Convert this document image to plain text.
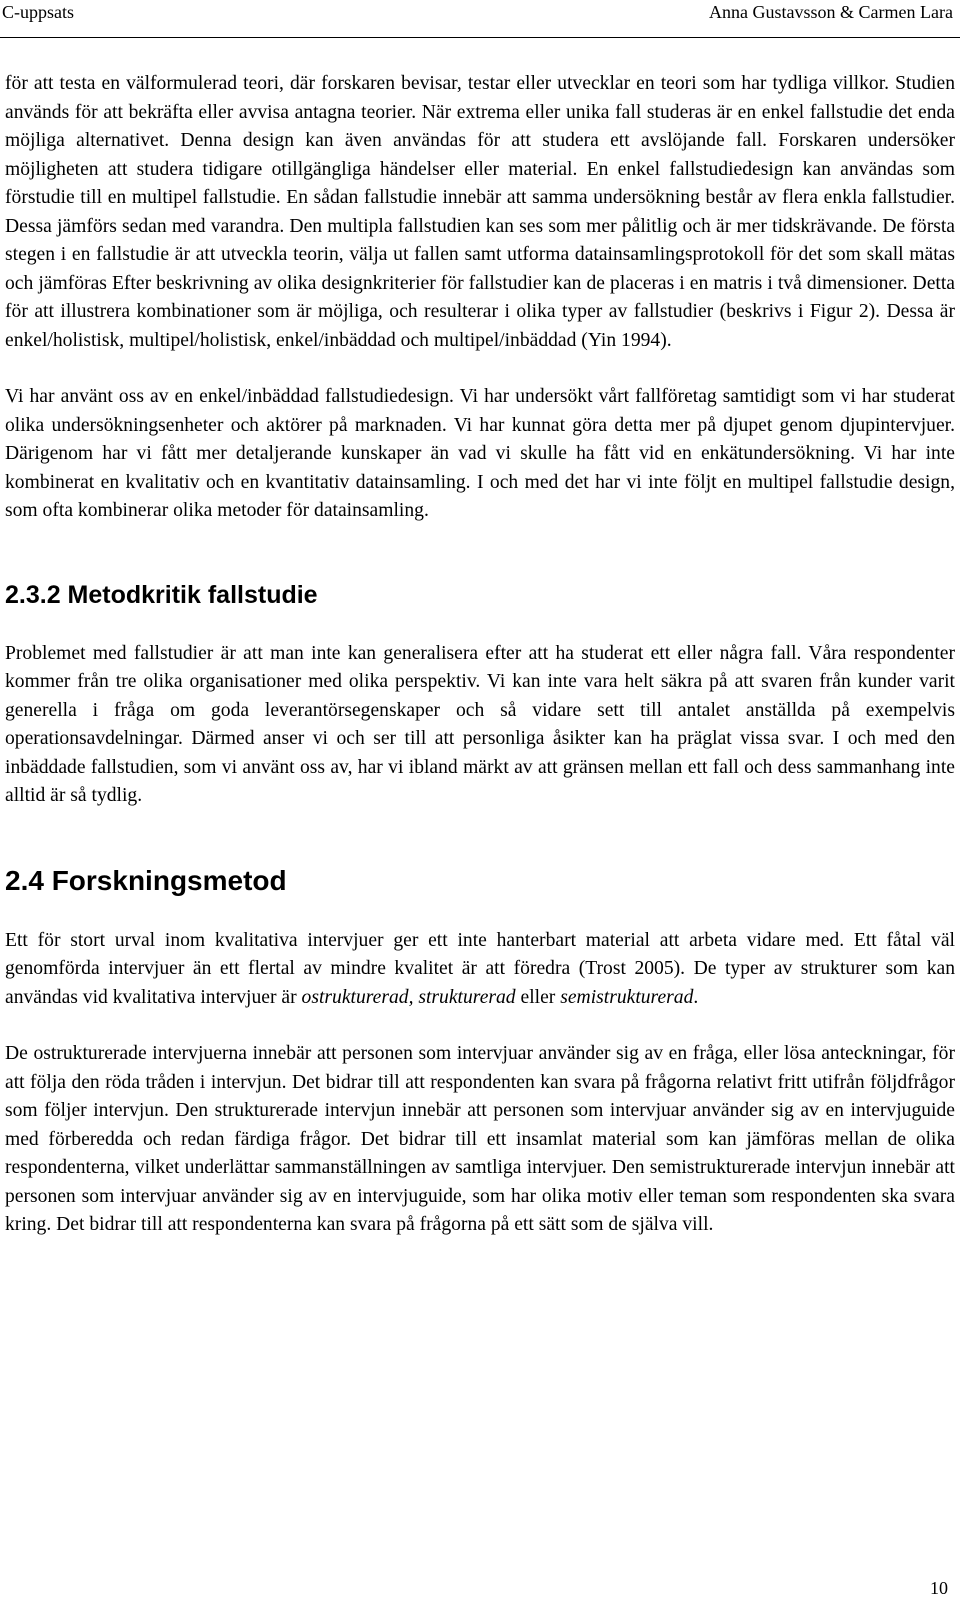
C-uppsats	Anna Gustavsson & Carmen Lara

för att testa en välformulerad teori, där forskaren bevisar, testar eller utvecklar en teori som har tydliga villkor. Studien används för att bekräfta eller avvisa antagna teorier. När extrema eller unika fall studeras är en enkel fallstudie det enda möjliga alternativet. Denna design kan även användas för att studera ett avslöjande fall. Forskaren undersöker möjligheten att studera tidigare otillgängliga händelser eller material. En enkel fallstudiedesign kan användas som förstudie till en multipel fallstudie. En sådan fallstudie innebär att samma undersökning består av flera enkla fallstudier. Dessa jämförs sedan med varandra. Den multipla fallstudien kan ses som mer pålitlig och är mer tidskrävande. De första stegen i en fallstudie är att utveckla teorin, välja ut fallen samt utforma datainsamlingsprotokoll för det som skall mätas och jämföras Efter beskrivning av olika designkriterier för fallstudier kan de placeras i en matris i två dimensioner. Detta för att illustrera kombinationer som är möjliga, och resulterar i olika typer av fallstudier (beskrivs i Figur 2). Dessa är enkel/holistisk, multipel/holistisk, enkel/inbäddad och multipel/inbäddad (Yin 1994).

Vi har använt oss av en enkel/inbäddad fallstudiedesign. Vi har undersökt vårt fallföretag samtidigt som vi har studerat olika undersökningsenheter och aktörer på marknaden. Vi har kunnat göra detta mer på djupet genom djupintervjuer. Därigenom har vi fått mer detaljerande kunskaper än vad vi skulle ha fått vid en enkätundersökning. Vi har inte kombinerat en kvalitativ och en kvantitativ datainsamling. I och med det har vi inte följt en multipel fallstudie design, som ofta kombinerar olika metoder för datainsamling.

2.3.2 Metodkritik fallstudie

Problemet med fallstudier är att man inte kan generalisera efter att ha studerat ett eller några fall. Våra respondenter kommer från tre olika organisationer med olika perspektiv. Vi kan inte vara helt säkra på att svaren från kunder varit generella i fråga om goda leverantörsegenskaper och så vidare sett till antalet anställda på exempelvis operationsavdelningar. Därmed anser vi och ser till att personliga åsikter kan ha präglat vissa svar. I och med den inbäddade fallstudien, som vi använt oss av, har vi ibland märkt av att gränsen mellan ett fall och dess sammanhang inte alltid är så tydlig.

2.4 Forskningsmetod

Ett för stort urval inom kvalitativa intervjuer ger ett inte hanterbart material att arbeta vidare med. Ett fåtal väl genomförda intervjuer än ett flertal av mindre kvalitet är att föredra (Trost 2005). De typer av strukturer som kan användas vid kvalitativa intervjuer är ostrukturerad, strukturerad eller semistrukturerad.

De ostrukturerade intervjuerna innebär att personen som intervjuar använder sig av en fråga, eller lösa anteckningar, för att följa den röda tråden i intervjun. Det bidrar till att respondenten kan svara på frågorna relativt fritt utifrån följdfrågor som följer intervjun. Den strukturerade intervjun innebär att personen som intervjuar använder sig av en intervjuguide med förberedda och redan färdiga frågor. Det bidrar till ett insamlat material som kan jämföras mellan de olika respondenterna, vilket underlättar sammanställningen av samtliga intervjuer. Den semistrukturerade intervjun innebär att personen som intervjuar använder sig av en intervjuguide, som har olika motiv eller teman som respondenten ska svara kring. Det bidrar till att respondenterna kan svara på frågorna på ett sätt som de själva vill.

10
